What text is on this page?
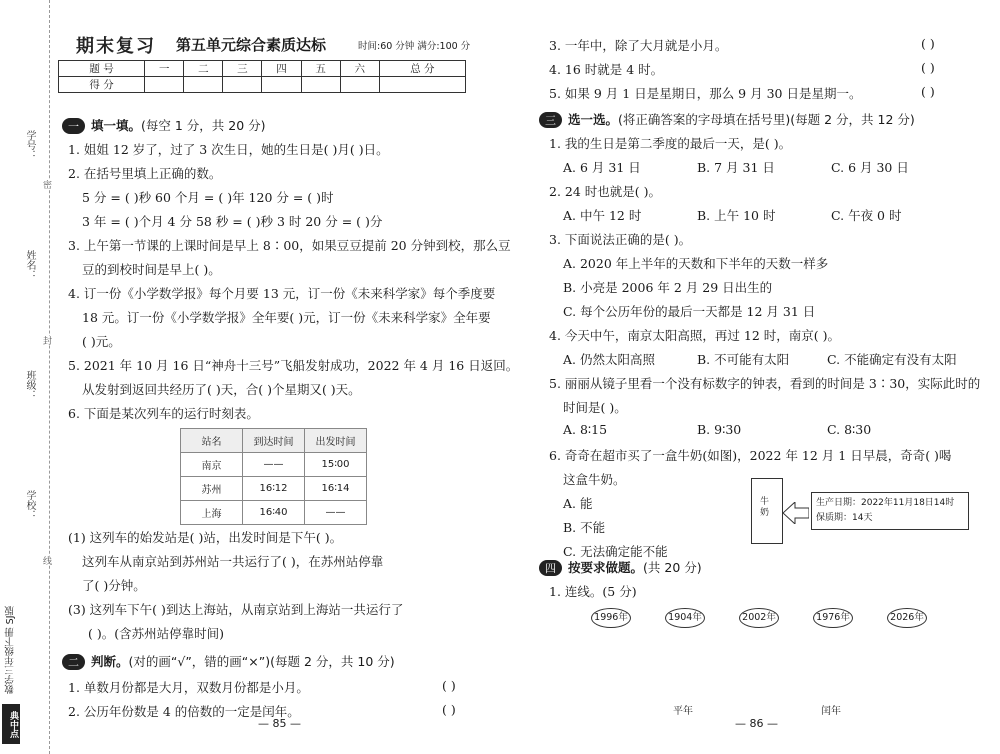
学号：
密
姓名：
封
班级：
学校：
线
数学三年级下册 SJ版
典中点
期末复习 第五单元综合素质达标	时间:60 分钟 满分:100 分
题 号	一	二	三	四	五	六	总 分
得 分							
一 填一填。(每空 1 分，共 20 分)
1. 姐姐 12 岁了，过了 3 次生日，她的生日是( )月( )日。
2. 在括号里填上正确的数。
5 分 = ( )秒 60 个月 = ( )年 120 分 = ( )时
3 年 = ( )个月 4 分 58 秒 = ( )秒 3 时 20 分 = ( )分
3. 上午第一节课的上课时间是早上 8∶00，如果豆豆提前 20 分钟到校，那么豆
豆的到校时间是早上( )。
4. 订一份《小学数学报》每个月要 13 元，订一份《未来科学家》每个季度要
18 元。订一份《小学数学报》全年要( )元，订一份《未来科学家》全年要
( )元。
5. 2021 年 10 月 16 日“神舟十三号”飞船发射成功，2022 年 4 月 16 日返回。
从发射到返回共经历了( )天，合( )个星期又( )天。
6. 下面是某次列车的运行时刻表。
站名	到达时间	出发时间
南京	——	15∶00
苏州	16∶12	16∶14
上海	16∶40	——
(1) 这列车的始发站是( )站，出发时间是下午( )。
这列车从南京站到苏州站一共运行了( )，在苏州站停靠
了( )分钟。
(3) 这列车下午( )到达上海站，从南京站到上海站一共运行了
( )。(含苏州站停靠时间)
二 判断。(对的画“√”，错的画“×”)(每题 2 分，共 10 分)
1. 单数月份都是大月，双数月份都是小月。	( )
2. 公历年份数是 4 的倍数的一定是闰年。	( )
— 85 —
3. 一年中，除了大月就是小月。	( )
4. 16 时就是 4 时。	( )
5. 如果 9 月 1 日是星期日，那么 9 月 30 日是星期一。	( )
三 选一选。(将正确答案的字母填在括号里)(每题 2 分，共 12 分)
1. 我的生日是第二季度的最后一天，是( )。
A. 6 月 31 日	B. 7 月 31 日	C. 6 月 30 日
2. 24 时也就是( )。
A. 中午 12 时	B. 上午 10 时	C. 午夜 0 时
3. 下面说法正确的是( )。
A. 2020 年上半年的天数和下半年的天数一样多
B. 小亮是 2006 年 2 月 29 日出生的
C. 每个公历年份的最后一天都是 12 月 31 日
4. 今天中午，南京太阳高照，再过 12 时，南京( )。
A. 仍然太阳高照	B. 不可能有太阳	C. 不能确定有没有太阳
5. 丽丽从镜子里看一个没有标数字的钟表，看到的时间是 3∶30，实际此时的
时间是( )。
A. 8∶15	B. 9∶30	C. 8∶30
6. 奇奇在超市买了一盒牛奶(如图)，2022 年 12 月 1 日早晨，奇奇( )喝
这盒牛奶。
A. 能
B. 不能
C. 无法确定能不能
牛奶
生产日期：2022年11月18日14时
保质期：14天
四 按要求做题。(共 20 分)
1. 连线。(5 分)
1996年	1904年	2002年	1976年	2026年
平年	闰年
— 86 —
